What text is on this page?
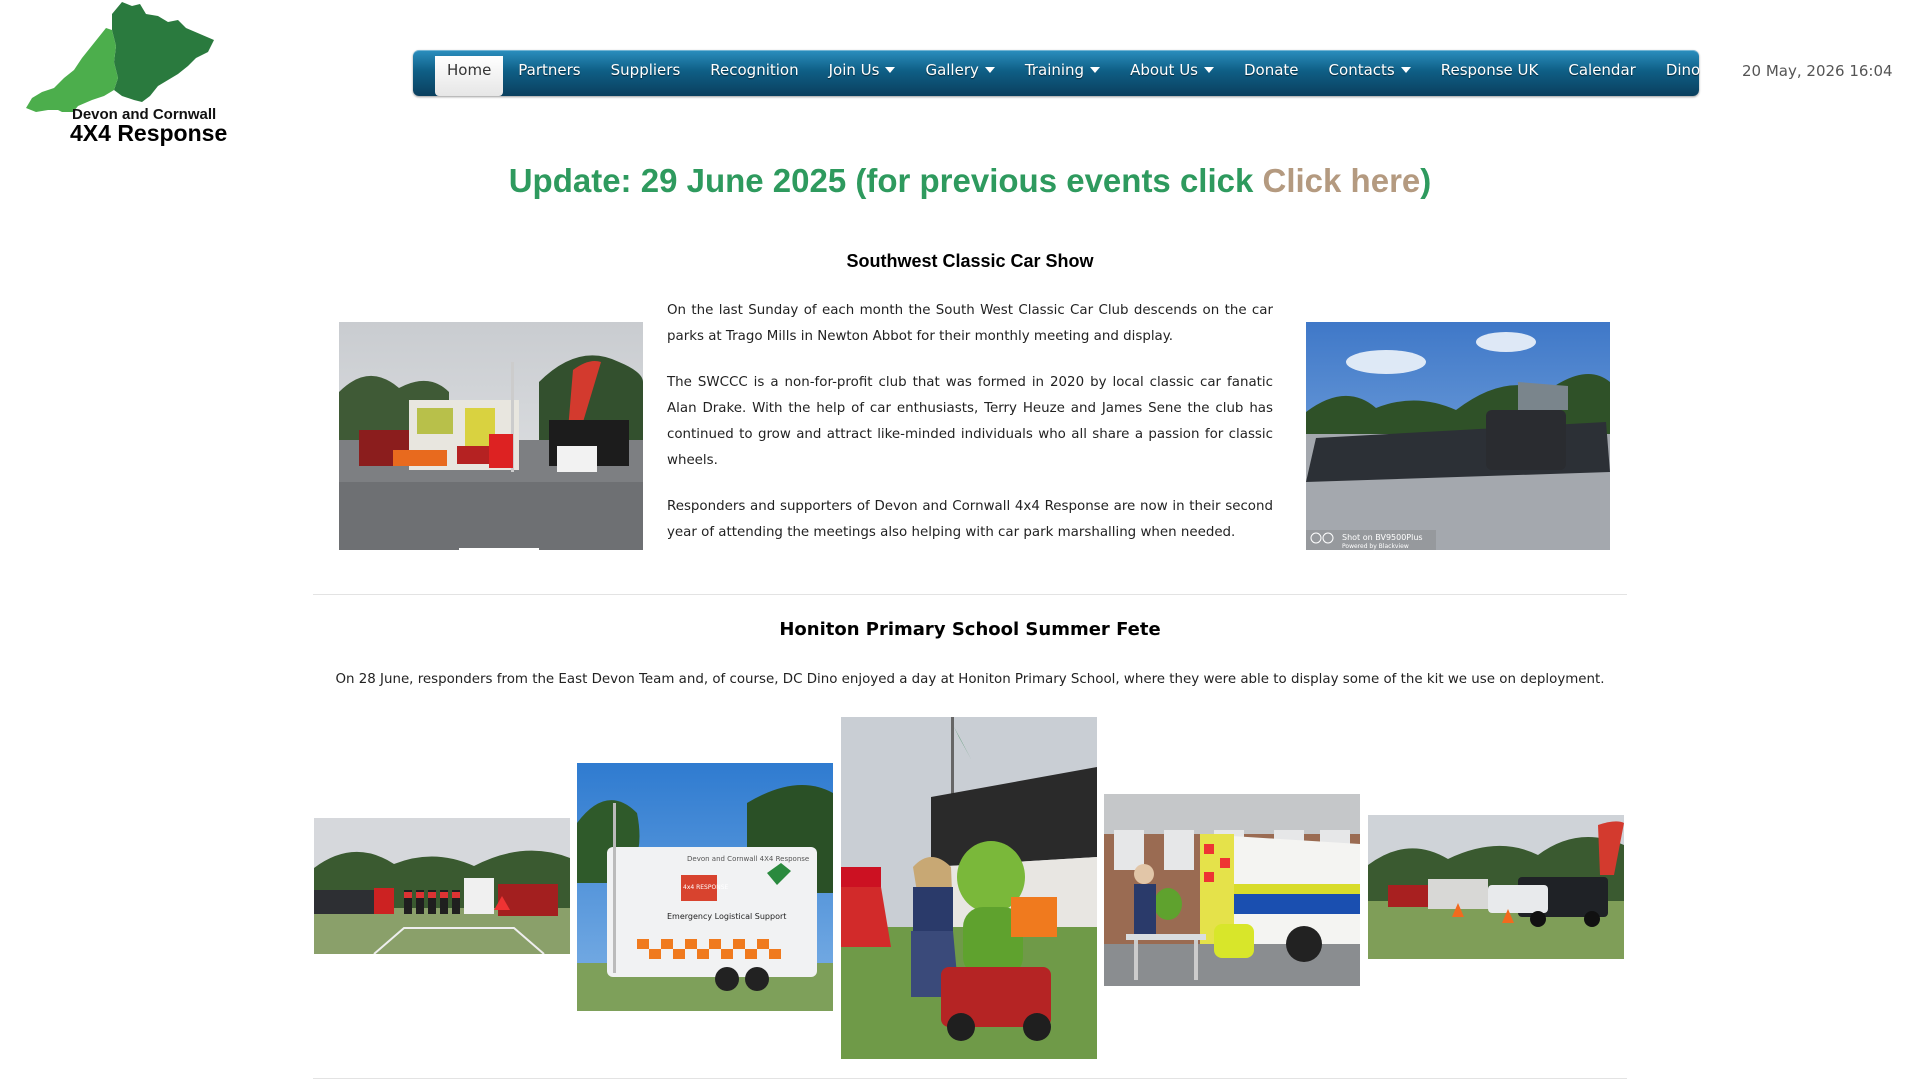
Devon and Cornwall
4X4 Response
Home Partners Suppliers Recognition Join Us	Gallery	Training	About Us	Donate Contacts	Response UK Calendar Dino	20 May, 2026 16:04
Update: 29 June 2025 (for previous events click Click here)
Southwest Classic Car Show

On the last Sunday of each month the South West Classic Car Club descends on the car parks at Trago Mills in Newton Abbot for their monthly meeting and display.

The SWCCC is a non-for-profit club that was formed in 2020 by local classic car fanatic Alan Drake. With the help of car enthusiasts, Terry Heuze and James Sene the club has continued to grow and attract like-minded individuals who all share a passion for classic wheels.

Responders and supporters of Devon and Cornwall 4x4 Response are now in their second year of attending the meetings also helping with car park marshalling when needed.	Shot on BV9500Plus
Powered by Blackview
Honiton Primary School Summer Fete
On 28 June, responders from the East Devon Team and, of course, DC Dino enjoyed a day at Honiton Primary School, where they were able to display some of the kit we use on deployment.
Devon and Cornwall 4X4 Response
4x4 RESPONSE
Emergency Logistical Support
